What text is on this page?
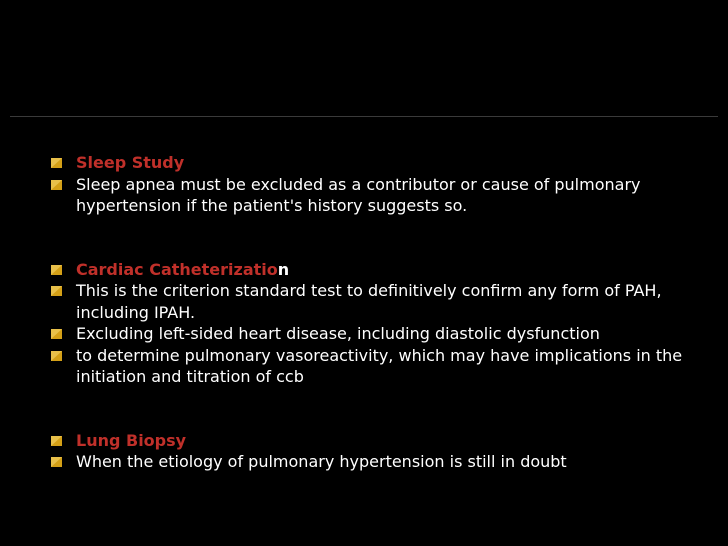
Sleep Study
Sleep apnea must be excluded as a contributor or cause of pulmonary hypertension if the patient's history suggests so.
Cardiac Catheterization
This is the criterion standard test to definitively confirm any form of PAH, including IPAH.
Excluding left-sided heart disease, including diastolic dysfunction
to determine pulmonary vasoreactivity, which may have implications in the initiation and titration of ccb
Lung Biopsy
When the etiology of pulmonary hypertension is still in doubt
